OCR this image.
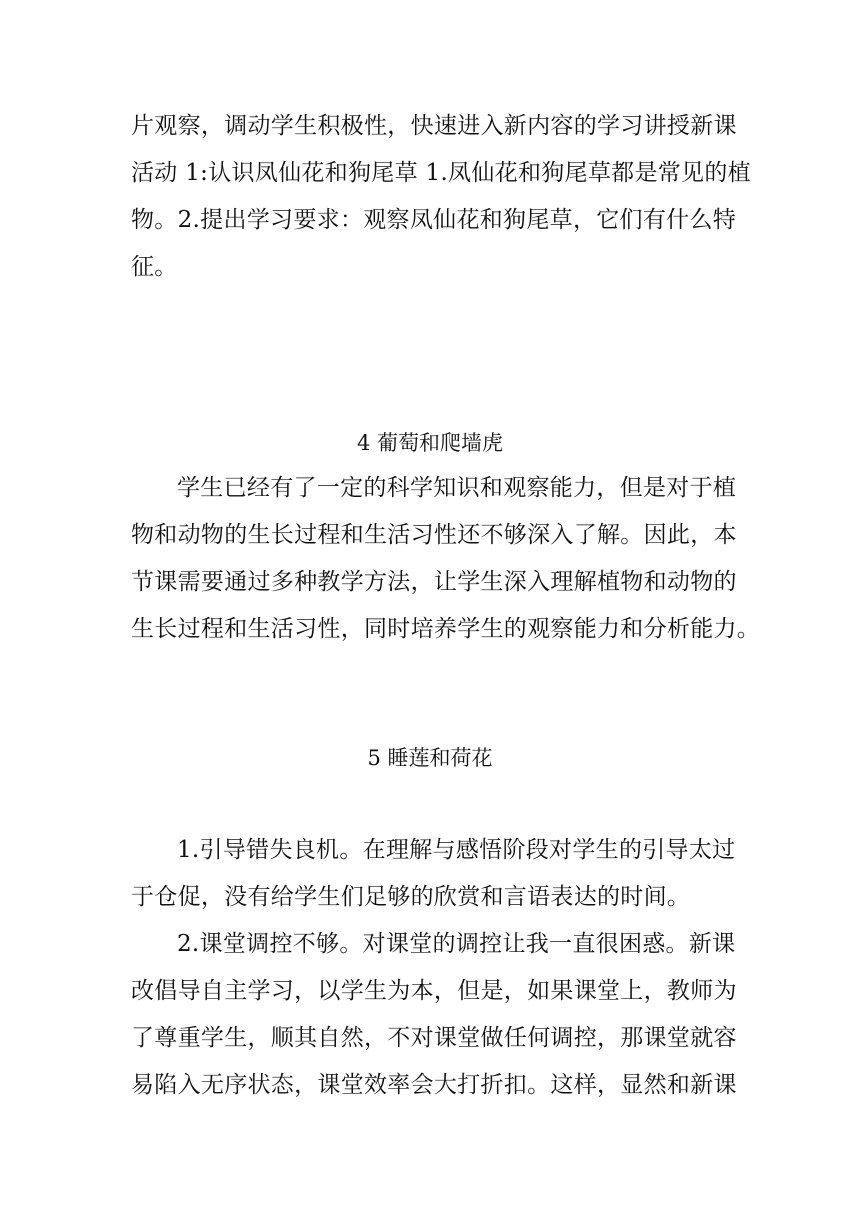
片观察，调动学生积极性，快速进入新内容的学习讲授新课
活动 1:认识凤仙花和狗尾草 1.凤仙花和狗尾草都是常见的植
物。2.提出学习要求：观察凤仙花和狗尾草，它们有什么特
征。
4 葡萄和爬墙虎
学生已经有了一定的科学知识和观察能力，但是对于植
物和动物的生长过程和生活习性还不够深入了解。因此，本
节课需要通过多种教学方法，让学生深入理解植物和动物的
生长过程和生活习性，同时培养学生的观察能力和分析能力。
5 睡莲和荷花
1.引导错失良机。在理解与感悟阶段对学生的引导太过
于仓促，没有给学生们足够的欣赏和言语表达的时间。
2.课堂调控不够。对课堂的调控让我一直很困惑。新课
改倡导自主学习，以学生为本，但是，如果课堂上，教师为
了尊重学生，顺其自然，不对课堂做任何调控，那课堂就容
易陷入无序状态，课堂效率会大打折扣。这样，显然和新课
